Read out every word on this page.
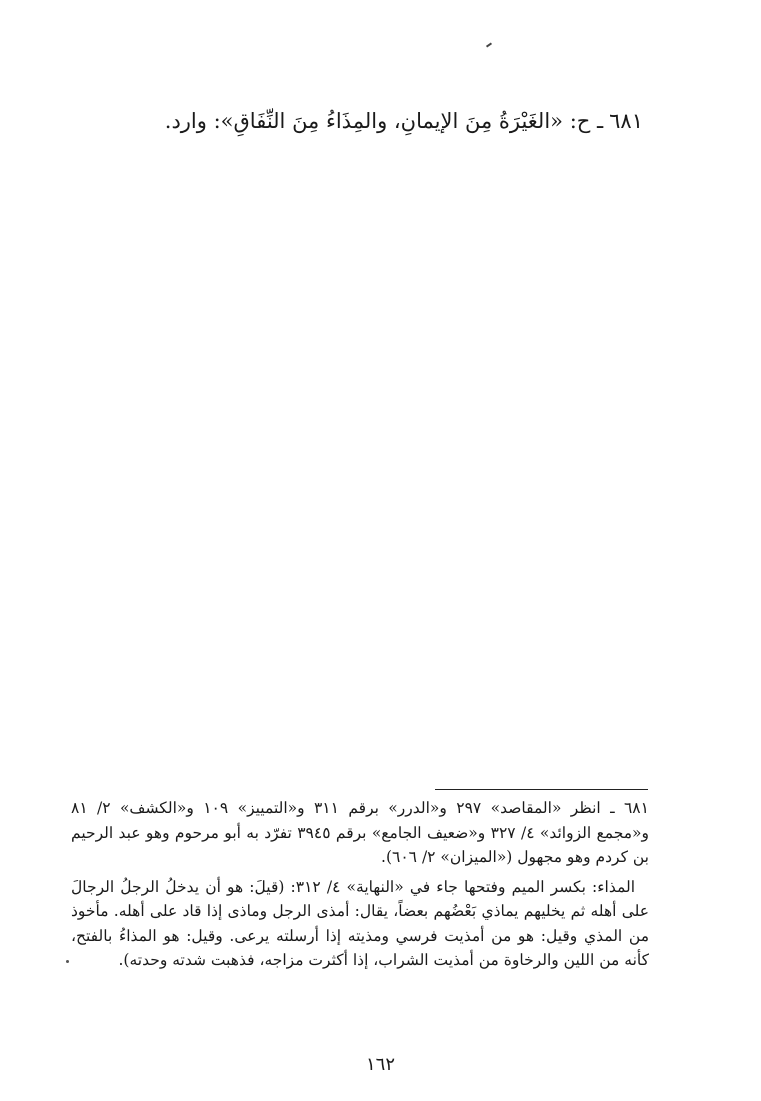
٦٨١ـ ح: «الغَيْرَةُ مِنَ الإيمانِ، والمِذَاءُ مِنَ النِّفَاقِ»: وارد.

٦٨١ ـ انظر «المقاصد» ٢٩٧ و«الدرر» برقم ٣١١ و«التمييز» ١٠٩ و«الكشف» ٢/ ٨١ و«مجمع الزوائد» ٤/ ٣٢٧ و«ضعيف الجامع» برقم ٣٩٤٥ تفرّد به أبو مرحوم وهو عبد الرحيم بن كردم وهو مجهول («الميزان» ٢/ ٦٠٦).

المذاء: بكسر الميم وفتحها جاء في «النهاية» ٤/ ٣١٢: (قيلَ: هو أن يدخلُ الرجلُ الرجالَ على أهله ثم يخليهم يماذي بَعْضُهم بعضاً، يقال: أمذى الرجل وماذى إذا قاد على أهله. مأخوذ من المذي وقيل: هو من أمذيت فرسي ومذيته إذا أرسلته يرعى. وقيل: هو المذاءُ بالفتح، كأنه من اللين والرخاوة من أمذيت الشراب، إذا أكثرت مزاجه، فذهبت شدته وحدته).

١٦٢
